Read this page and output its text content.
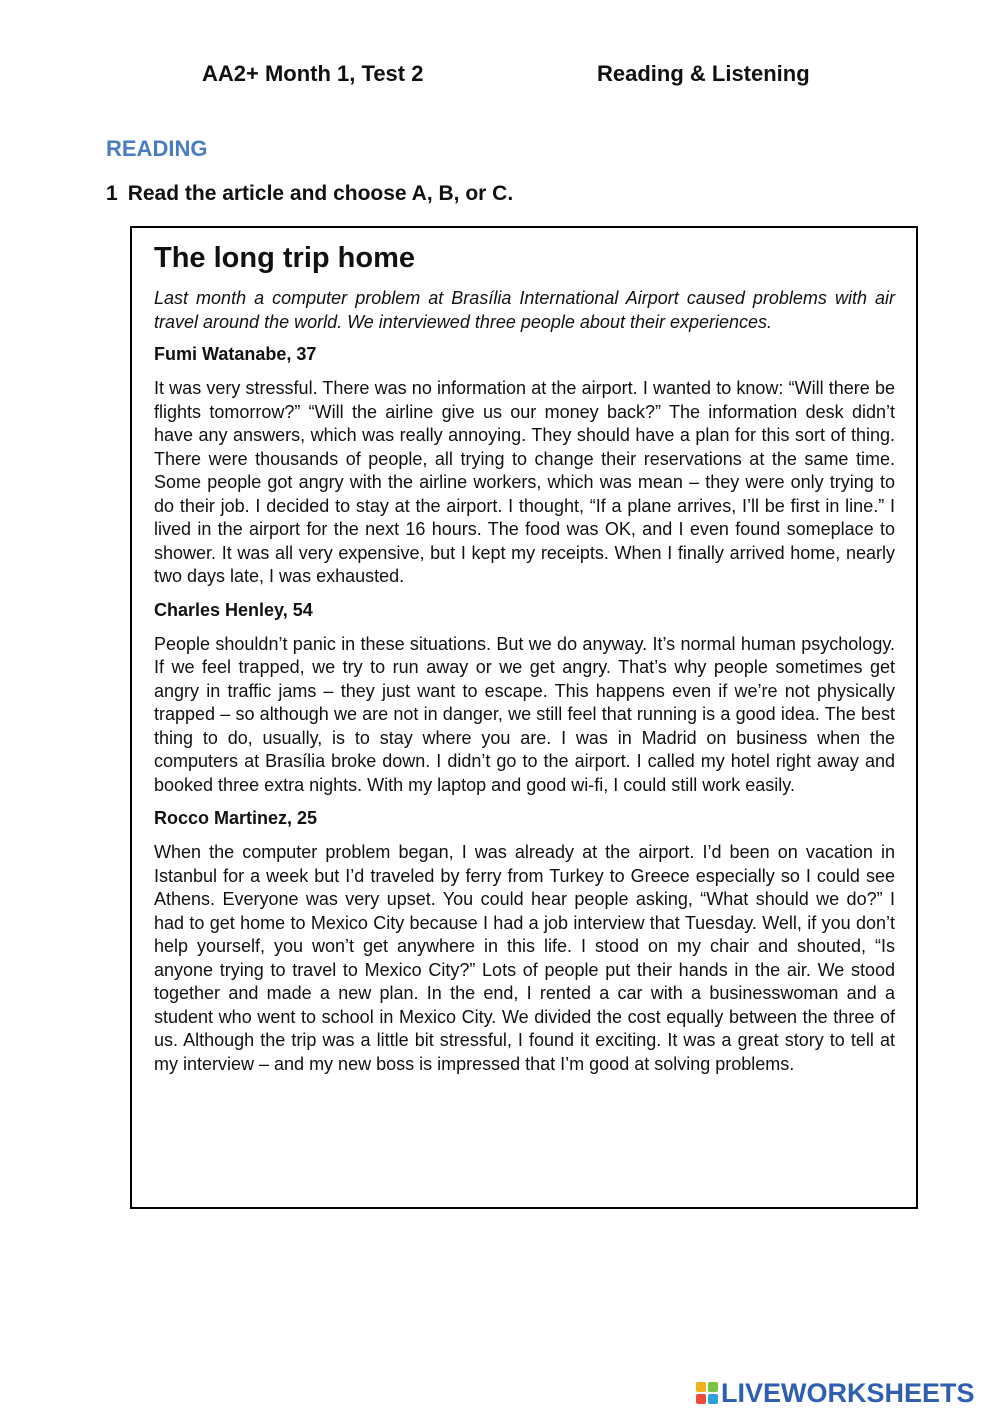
AA2+ Month 1, Test 2	Reading & Listening
READING
1 Read the article and choose A, B, or C.
The long trip home

Last month a computer problem at Brasília International Airport caused problems with air travel around the world. We interviewed three people about their experiences.

Fumi Watanabe, 37

It was very stressful. There was no information at the airport. I wanted to know: “Will there be flights tomorrow?” “Will the airline give us our money back?” The information desk didn’t have any answers, which was really annoying. They should have a plan for this sort of thing. There were thousands of people, all trying to change their reservations at the same time. Some people got angry with the airline workers, which was mean – they were only trying to do their job. I decided to stay at the airport. I thought, “If a plane arrives, I’ll be first in line.” I lived in the airport for the next 16 hours. The food was OK, and I even found someplace to shower. It was all very expensive, but I kept my receipts. When I finally arrived home, nearly two days late, I was exhausted.

Charles Henley, 54

People shouldn’t panic in these situations. But we do anyway. It’s normal human psychology. If we feel trapped, we try to run away or we get angry. That’s why people sometimes get angry in traffic jams – they just want to escape. This happens even if we’re not physically trapped – so although we are not in danger, we still feel that running is a good idea. The best thing to do, usually, is to stay where you are. I was in Madrid on business when the computers at Brasília broke down. I didn’t go to the airport. I called my hotel right away and booked three extra nights. With my laptop and good wi-fi, I could still work easily.

Rocco Martinez, 25

When the computer problem began, I was already at the airport. I’d been on vacation in Istanbul for a week but I’d traveled by ferry from Turkey to Greece especially so I could see Athens. Everyone was very upset. You could hear people asking, “What should we do?” I had to get home to Mexico City because I had a job interview that Tuesday. Well, if you don’t help yourself, you won’t get anywhere in this life. I stood on my chair and shouted, “Is anyone trying to travel to Mexico City?” Lots of people put their hands in the air. We stood together and made a new plan. In the end, I rented a car with a businesswoman and a student who went to school in Mexico City. We divided the cost equally between the three of us. Although the trip was a little bit stressful, I found it exciting. It was a great story to tell at my interview – and my new boss is impressed that I’m good at solving problems.

LIVEWORKSHEETS
